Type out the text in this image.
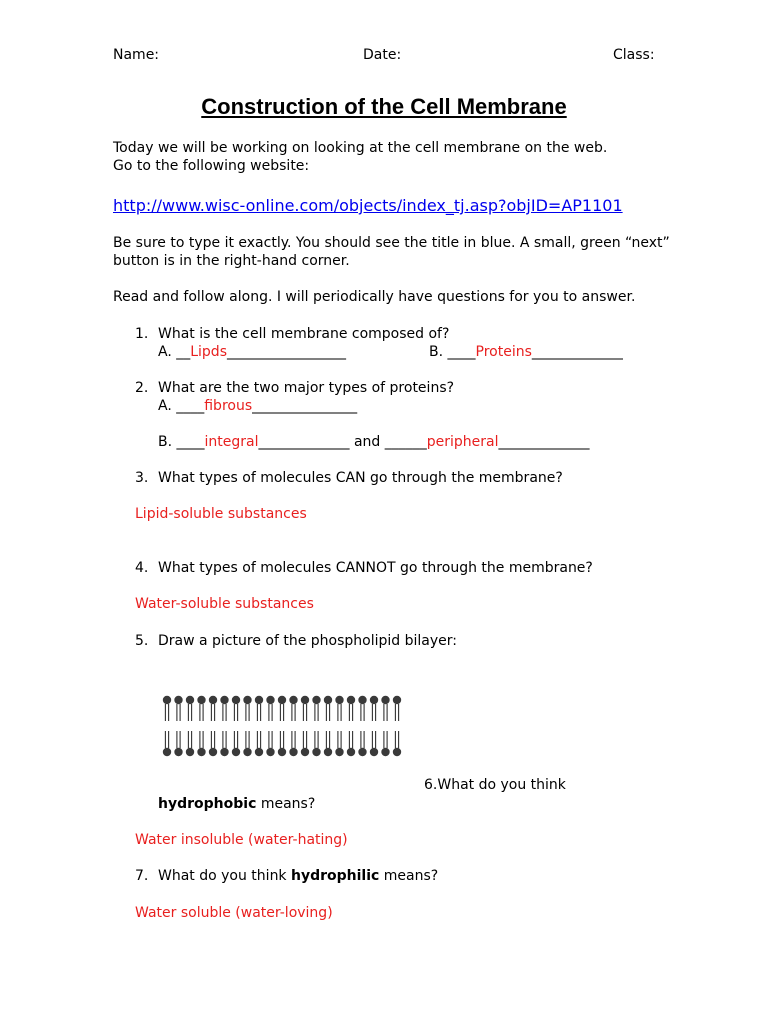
Name:	Date:	Class:
Construction of the Cell Membrane
Today we will be working on looking at the cell membrane on the web.
Go to the following website:
http://www.wisc-online.com/objects/index_tj.asp?objID=AP1101
Be sure to type it exactly. You should see the title in blue. A small, green “next”
button is in the right-hand corner.
Read and follow along. I will periodically have questions for you to answer.
1. What is the cell membrane composed of?
A. __Lipds_________________	B. ____Proteins_____________
2. What are the two major types of proteins?
A. ____fibrous_______________
B. ____integral_____________ and ______peripheral_____________
3. What types of molecules CAN go through the membrane?
Lipid-soluble substances
4. What types of molecules CANNOT go through the membrane?
Water-soluble substances
5. Draw a picture of the phospholipid bilayer:
6.What do you think
hydrophobic means?
Water insoluble (water-hating)
7. What do you think hydrophilic means?
Water soluble (water-loving)
